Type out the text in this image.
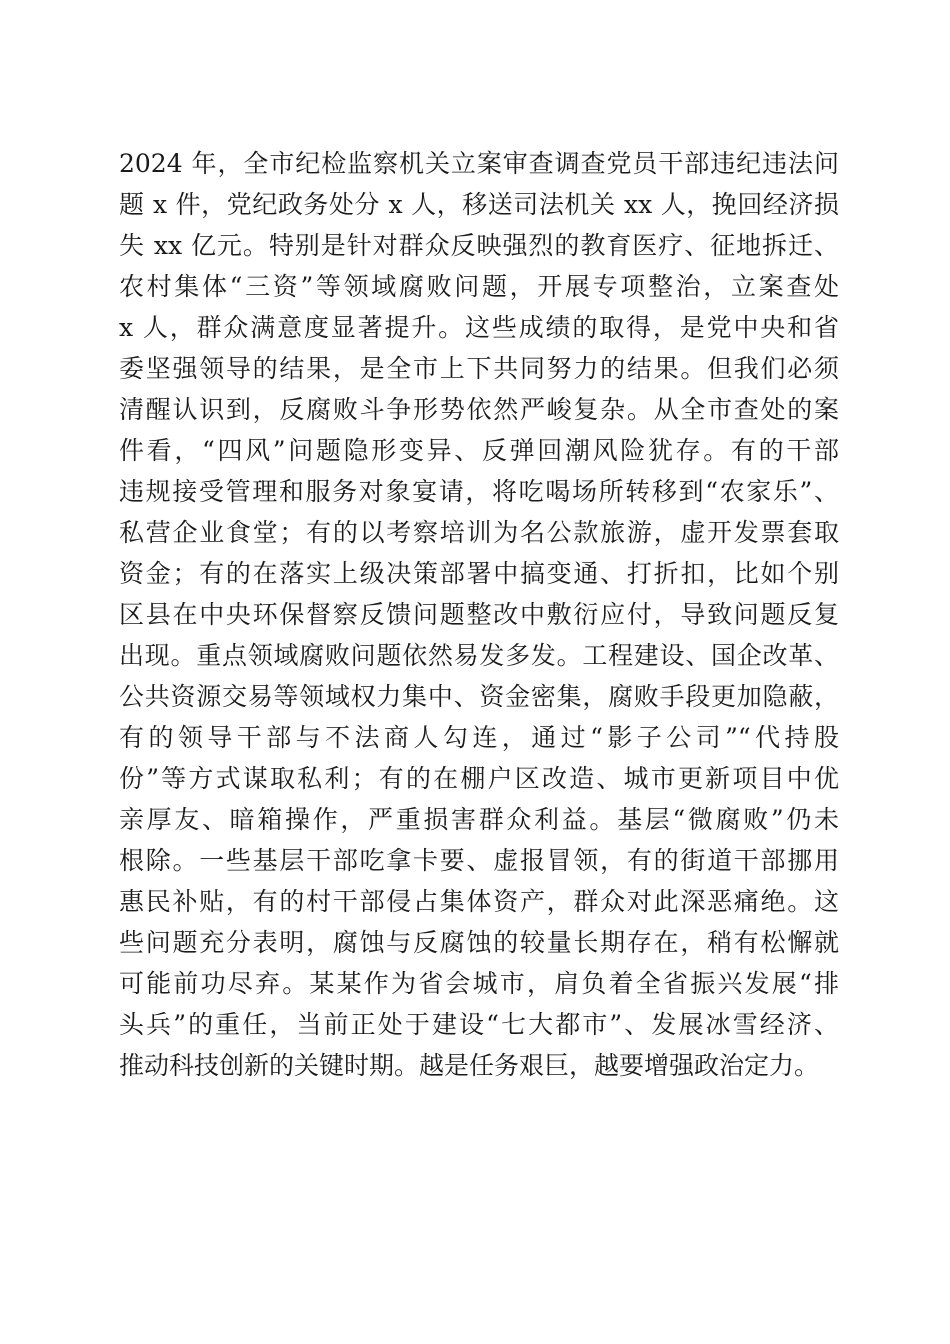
2024 年，全市纪检监察机关立案审查调查党员干部违纪违法问
题 x 件，党纪政务处分 x 人，移送司法机关 xx 人，挽回经济损
失 xx 亿元。特别是针对群众反映强烈的教育医疗、征地拆迁、
农村集体“三资”等领域腐败问题，开展专项整治，立案查处
x 人，群众满意度显著提升。这些成绩的取得，是党中央和省
委坚强领导的结果，是全市上下共同努力的结果。但我们必须
清醒认识到，反腐败斗争形势依然严峻复杂。从全市查处的案
件看，“四风”问题隐形变异、反弹回潮风险犹存。有的干部
违规接受管理和服务对象宴请，将吃喝场所转移到“农家乐”、
私营企业食堂；有的以考察培训为名公款旅游，虚开发票套取
资金；有的在落实上级决策部署中搞变通、打折扣，比如个别
区县在中央环保督察反馈问题整改中敷衍应付，导致问题反复
出现。重点领域腐败问题依然易发多发。工程建设、国企改革、
公共资源交易等领域权力集中、资金密集，腐败手段更加隐蔽，
有的领导干部与不法商人勾连，通过“影子公司”“代持股
份”等方式谋取私利；有的在棚户区改造、城市更新项目中优
亲厚友、暗箱操作，严重损害群众利益。基层“微腐败”仍未
根除。一些基层干部吃拿卡要、虚报冒领，有的街道干部挪用
惠民补贴，有的村干部侵占集体资产，群众对此深恶痛绝。这
些问题充分表明，腐蚀与反腐蚀的较量长期存在，稍有松懈就
可能前功尽弃。某某作为省会城市，肩负着全省振兴发展“排
头兵”的重任，当前正处于建设“七大都市”、发展冰雪经济、
推动科技创新的关键时期。越是任务艰巨，越要增强政治定力。
